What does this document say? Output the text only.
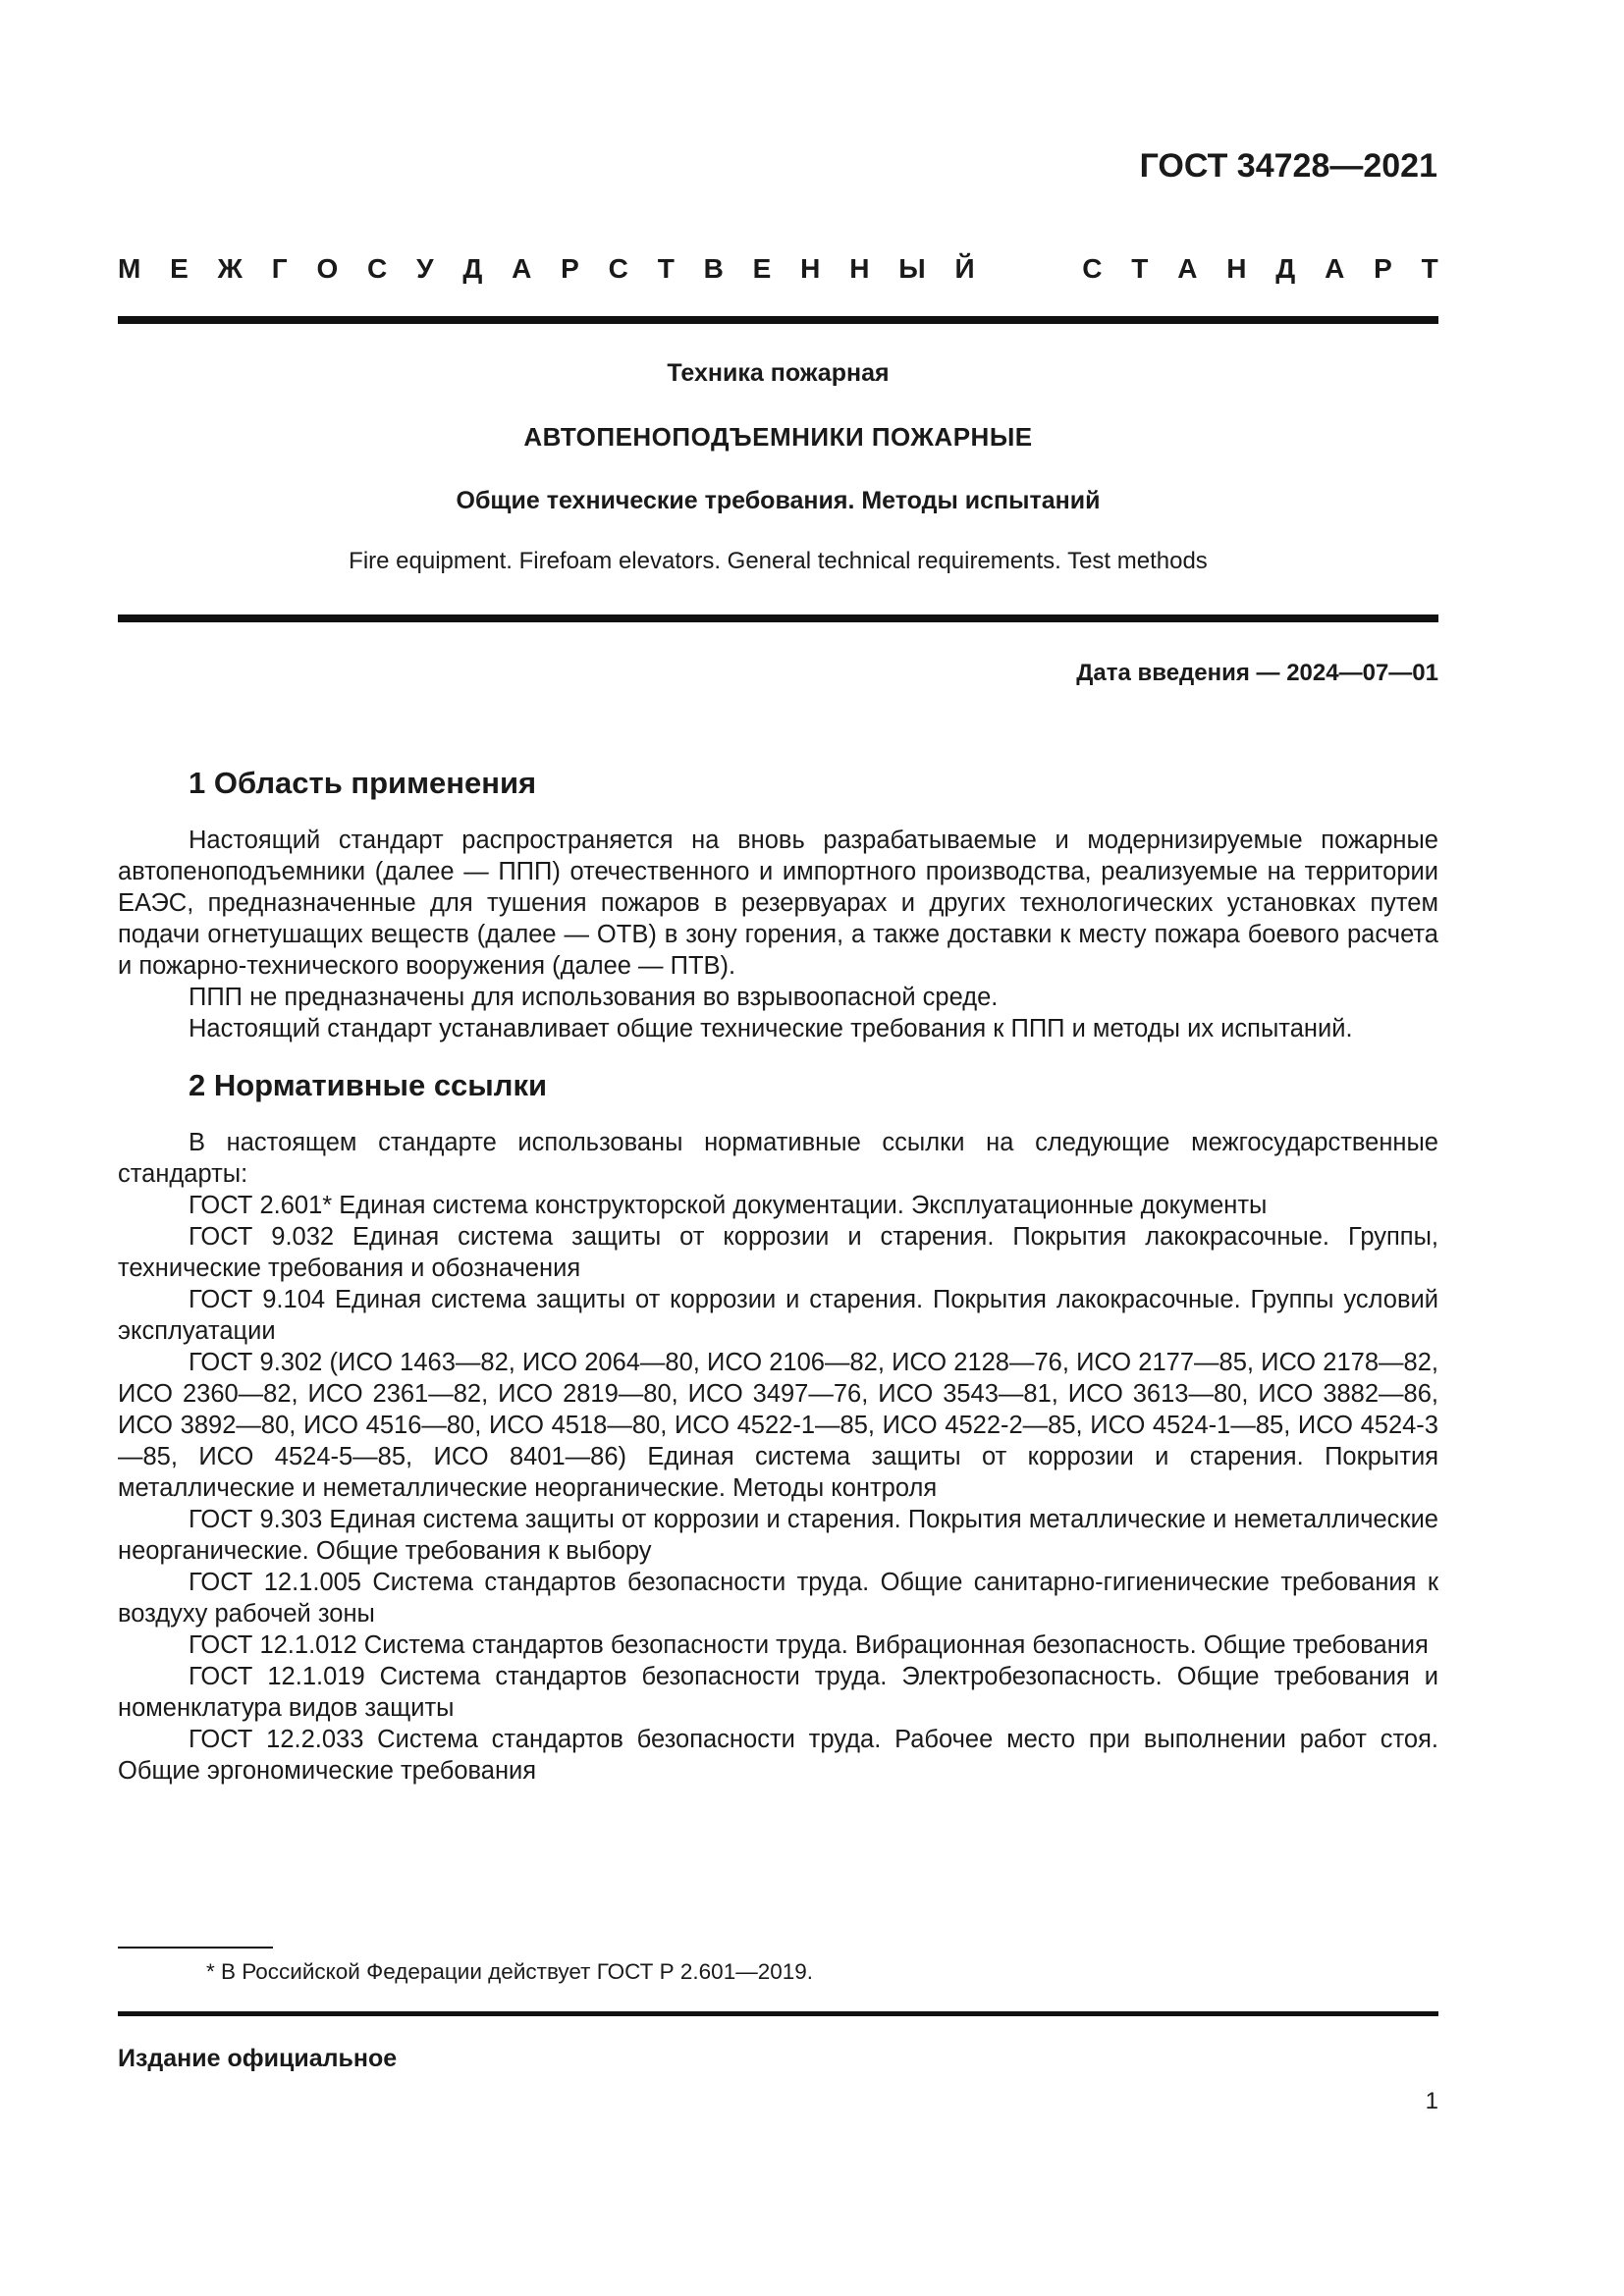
ГОСТ 34728—2021
М Е Ж Г О С У Д А Р С Т В Е Н Н Ы Й	С Т А Н Д А Р Т
Техника пожарная
АВТОПЕНОПОДЪЕМНИКИ ПОЖАРНЫЕ
Общие технические требования. Методы испытаний
Fire equipment. Firefoam elevators. General technical requirements. Test methods
Дата введения — 2024—07—01
1 Область применения

Настоящий стандарт распространяется на вновь разрабатываемые и модернизируемые пожарные автопеноподъемники (далее — ППП) отечественного и импортного производства, реализуемые на территории ЕАЭС, предназначенные для тушения пожаров в резервуарах и других технологических установках путем подачи огнетушащих веществ (далее — ОТВ) в зону горения, а также доставки к месту пожара боевого расчета и пожарно-технического вооружения (далее — ПТВ).

ППП не предназначены для использования во взрывоопасной среде.

Настоящий стандарт устанавливает общие технические требования к ППП и методы их испытаний.

2 Нормативные ссылки

В настоящем стандарте использованы нормативные ссылки на следующие межгосударственные стандарты:

ГОСТ 2.601* Единая система конструкторской документации. Эксплуатационные документы

ГОСТ 9.032 Единая система защиты от коррозии и старения. Покрытия лакокрасочные. Группы, технические требования и обозначения

ГОСТ 9.104 Единая система защиты от коррозии и старения. Покрытия лакокрасочные. Группы условий эксплуатации

ГОСТ 9.302 (ИСО 1463—82, ИСО 2064—80, ИСО 2106—82, ИСО 2128—76, ИСО 2177—85, ИСО 2178—82, ИСО 2360—82, ИСО 2361—82, ИСО 2819—80, ИСО 3497—76, ИСО 3543—81, ИСО 3613—80, ИСО 3882—86, ИСО 3892—80, ИСО 4516—80, ИСО 4518—80, ИСО 4522-1—85, ИСО 4522-2—85, ИСО 4524-1—85, ИСО 4524-3—85, ИСО 4524-5—85, ИСО 8401—86) Единая система защиты от коррозии и старения. Покрытия металлические и неметаллические неорганические. Методы контроля

ГОСТ 9.303 Единая система защиты от коррозии и старения. Покрытия металлические и неметаллические неорганические. Общие требования к выбору

ГОСТ 12.1.005 Система стандартов безопасности труда. Общие санитарно-гигиенические требования к воздуху рабочей зоны

ГОСТ 12.1.012 Система стандартов безопасности труда. Вибрационная безопасность. Общие требования

ГОСТ 12.1.019 Система стандартов безопасности труда. Электробезопасность. Общие требования и номенклатура видов защиты

ГОСТ 12.2.033 Система стандартов безопасности труда. Рабочее место при выполнении работ стоя. Общие эргономические требования

* В Российской Федерации действует ГОСТ Р 2.601—2019.
Издание официальное
1
